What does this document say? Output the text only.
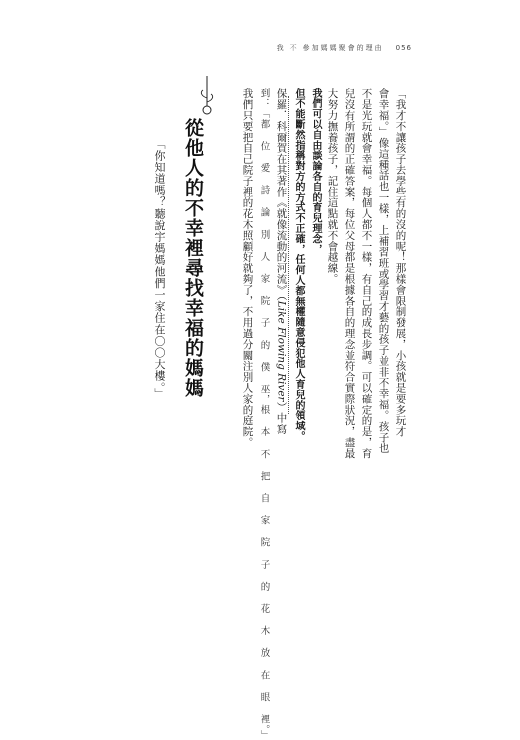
我 不 參加媽媽聚會的理由 056
「我才不讓孩子去學些有的沒的呢！那樣會限制發展，小孩就是要多玩才
會幸福。」像這種話也一樣，上補習班或學習才藝的孩子並非不幸福。孩子也
不是光玩就會幸福。每個人都不一樣，有自己的成長步調。可以確定的是，育
兒沒有所謂的正確答案，每位父母都是根據各自的理念並符合實際狀況，盡最
大努力撫養孩子，記住這點就不會越線。
我們可以自由談論各自的育兒理念，
但不能斷然指稱對方的方式不正確，任何人都無權隨意侵犯他人育兒的領域。
保羅．科爾賀在其著作《就像流動的河流》（Like Flowing River）中寫
到：「都 位 愛 詩 論 別 人 家 院 子 的 僕 巫，根 本 不 把 自 家 院 子 的 花 木 放 在 眼 裡。」
我們只要把自己院子裡的花木照顧好就夠了，不用過分關注別人家的庭院。
從他人的不幸裡尋找幸福的媽媽
「你知道嗎？聽說宇媽媽他們一家住在〇〇大樓。」
